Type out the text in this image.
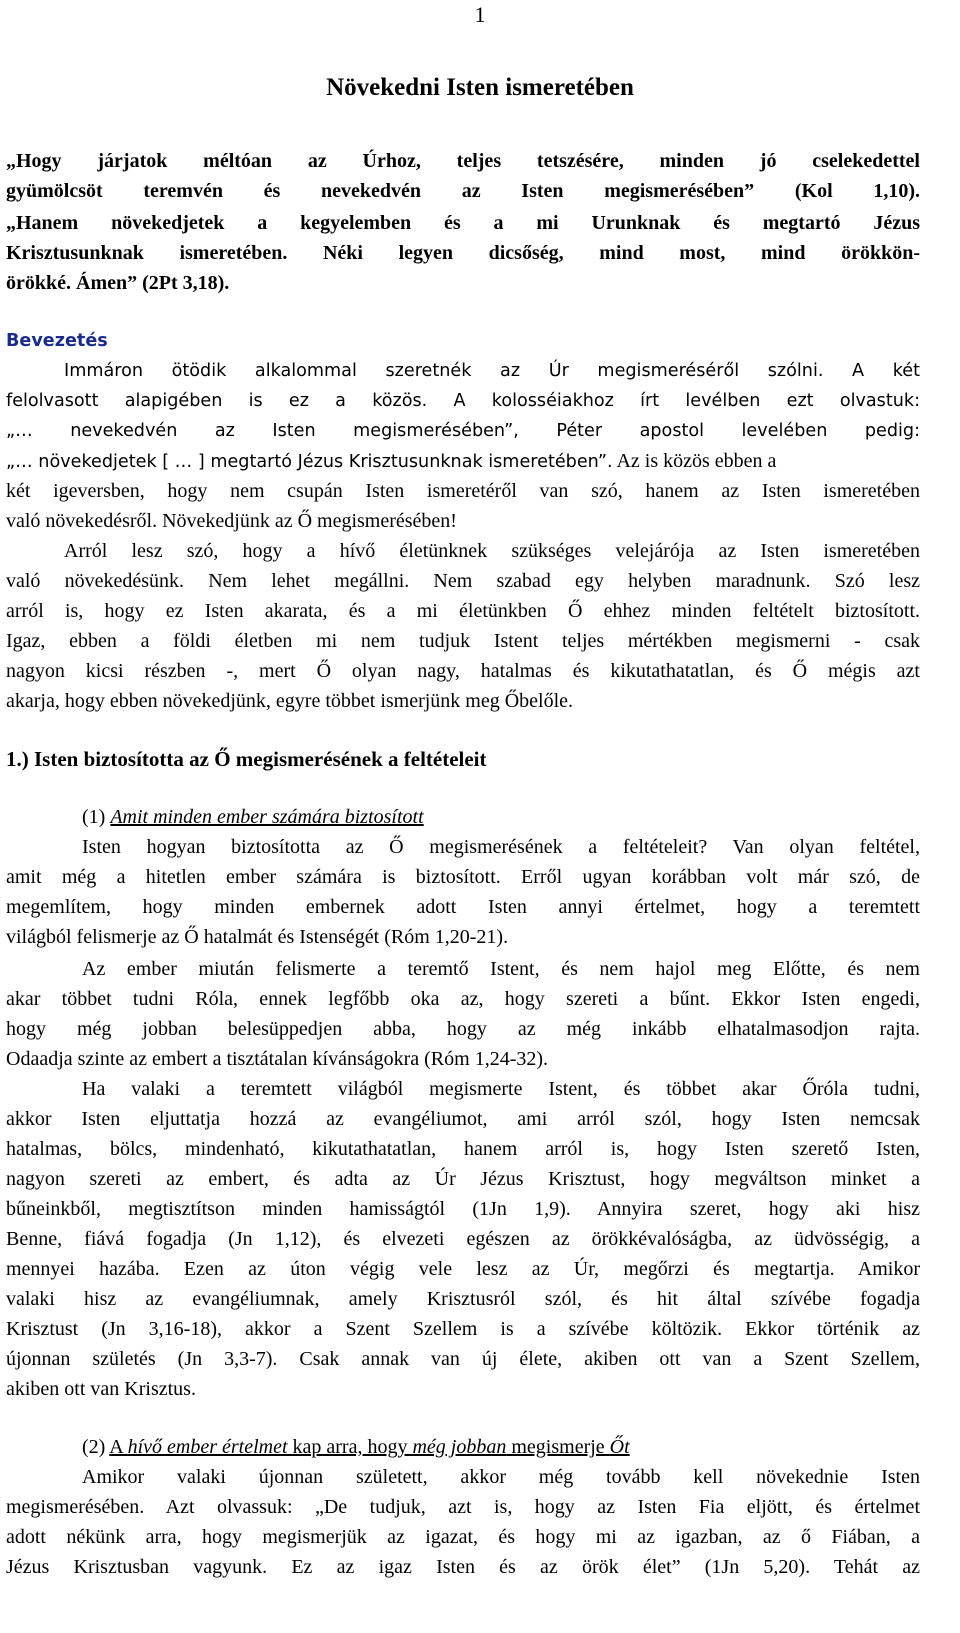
1
Növekedni Isten ismeretében
„Hogy járjatok méltóan az Úrhoz, teljes tetszésére, minden jó cselekedettel
gyümölcsöt teremvén és nevekedvén az Isten megismerésében” (Kol 1,10).
„Hanem növekedjetek a kegyelemben és a mi Urunknak és megtartó Jézus
Krisztusunknak ismeretében. Néki legyen dicsőség, mind most, mind örökkön-
örökké. Ámen” (2Pt 3,18).
Bevezetés
Immáron ötödik alkalommal szeretnék az Úr megismeréséről szólni. A két
felolvasott alapigében is ez a közös. A kolosséiakhoz írt levélben ezt olvastuk:
„… nevekedvén az Isten megismerésében”, Péter apostol levelében pedig:
„… növekedjetek [ … ] megtartó Jézus Krisztusunknak ismeretében”. Az is közös ebben a
két igeversben, hogy nem csupán Isten ismeretéről van szó, hanem az Isten ismeretében
való növekedésről. Növekedjünk az Ő megismerésében!
Arról lesz szó, hogy a hívő életünknek szükséges velejárója az Isten ismeretében
való növekedésünk. Nem lehet megállni. Nem szabad egy helyben maradnunk. Szó lesz
arról is, hogy ez Isten akarata, és a mi életünkben Ő ehhez minden feltételt biztosított.
Igaz, ebben a földi életben mi nem tudjuk Istent teljes mértékben megismerni - csak
nagyon kicsi részben -, mert Ő olyan nagy, hatalmas és kikutathatatlan, és Ő mégis azt
akarja, hogy ebben növekedjünk, egyre többet ismerjünk meg Őbelőle.
1.) Isten biztosította az Ő megismerésének a feltételeit
(1) Amit minden ember számára biztosított
Isten hogyan biztosította az Ő megismerésének a feltételeit? Van olyan feltétel,
amit még a hitetlen ember számára is biztosított. Erről ugyan korábban volt már szó, de
megemlítem, hogy minden embernek adott Isten annyi értelmet, hogy a teremtett
világból felismerje az Ő hatalmát és Istenségét (Róm 1,20-21).
Az ember miután felismerte a teremtő Istent, és nem hajol meg Előtte, és nem
akar többet tudni Róla, ennek legfőbb oka az, hogy szereti a bűnt. Ekkor Isten engedi,
hogy még jobban belesüppedjen abba, hogy az még inkább elhatalmasodjon rajta.
Odaadja szinte az embert a tisztátalan kívánságokra (Róm 1,24-32).
Ha valaki a teremtett világból megismerte Istent, és többet akar Őróla tudni,
akkor Isten eljuttatja hozzá az evangéliumot, ami arról szól, hogy Isten nemcsak
hatalmas, bölcs, mindenható, kikutathatatlan, hanem arról is, hogy Isten szerető Isten,
nagyon szereti az embert, és adta az Úr Jézus Krisztust, hogy megváltson minket a
bűneinkből, megtisztítson minden hamisságtól (1Jn 1,9). Annyira szeret, hogy aki hisz
Benne, fiává fogadja (Jn 1,12), és elvezeti egészen az örökkévalóságba, az üdvösségig, a
mennyei hazába. Ezen az úton végig vele lesz az Úr, megőrzi és megtartja. Amikor
valaki hisz az evangéliumnak, amely Krisztusról szól, és hit által szívébe fogadja
Krisztust (Jn 3,16-18), akkor a Szent Szellem is a szívébe költözik. Ekkor történik az
újonnan születés (Jn 3,3-7). Csak annak van új élete, akiben ott van a Szent Szellem,
akiben ott van Krisztus.
(2) A hívő ember értelmet kap arra, hogy még jobban megismerje Őt
Amikor valaki újonnan született, akkor még tovább kell növekednie Isten
megismerésében. Azt olvassuk: „De tudjuk, azt is, hogy az Isten Fia eljött, és értelmet
adott nékünk arra, hogy megismerjük az igazat, és hogy mi az igazban, az ő Fiában, a
Jézus Krisztusban vagyunk. Ez az igaz Isten és az örök élet” (1Jn 5,20). Tehát az
